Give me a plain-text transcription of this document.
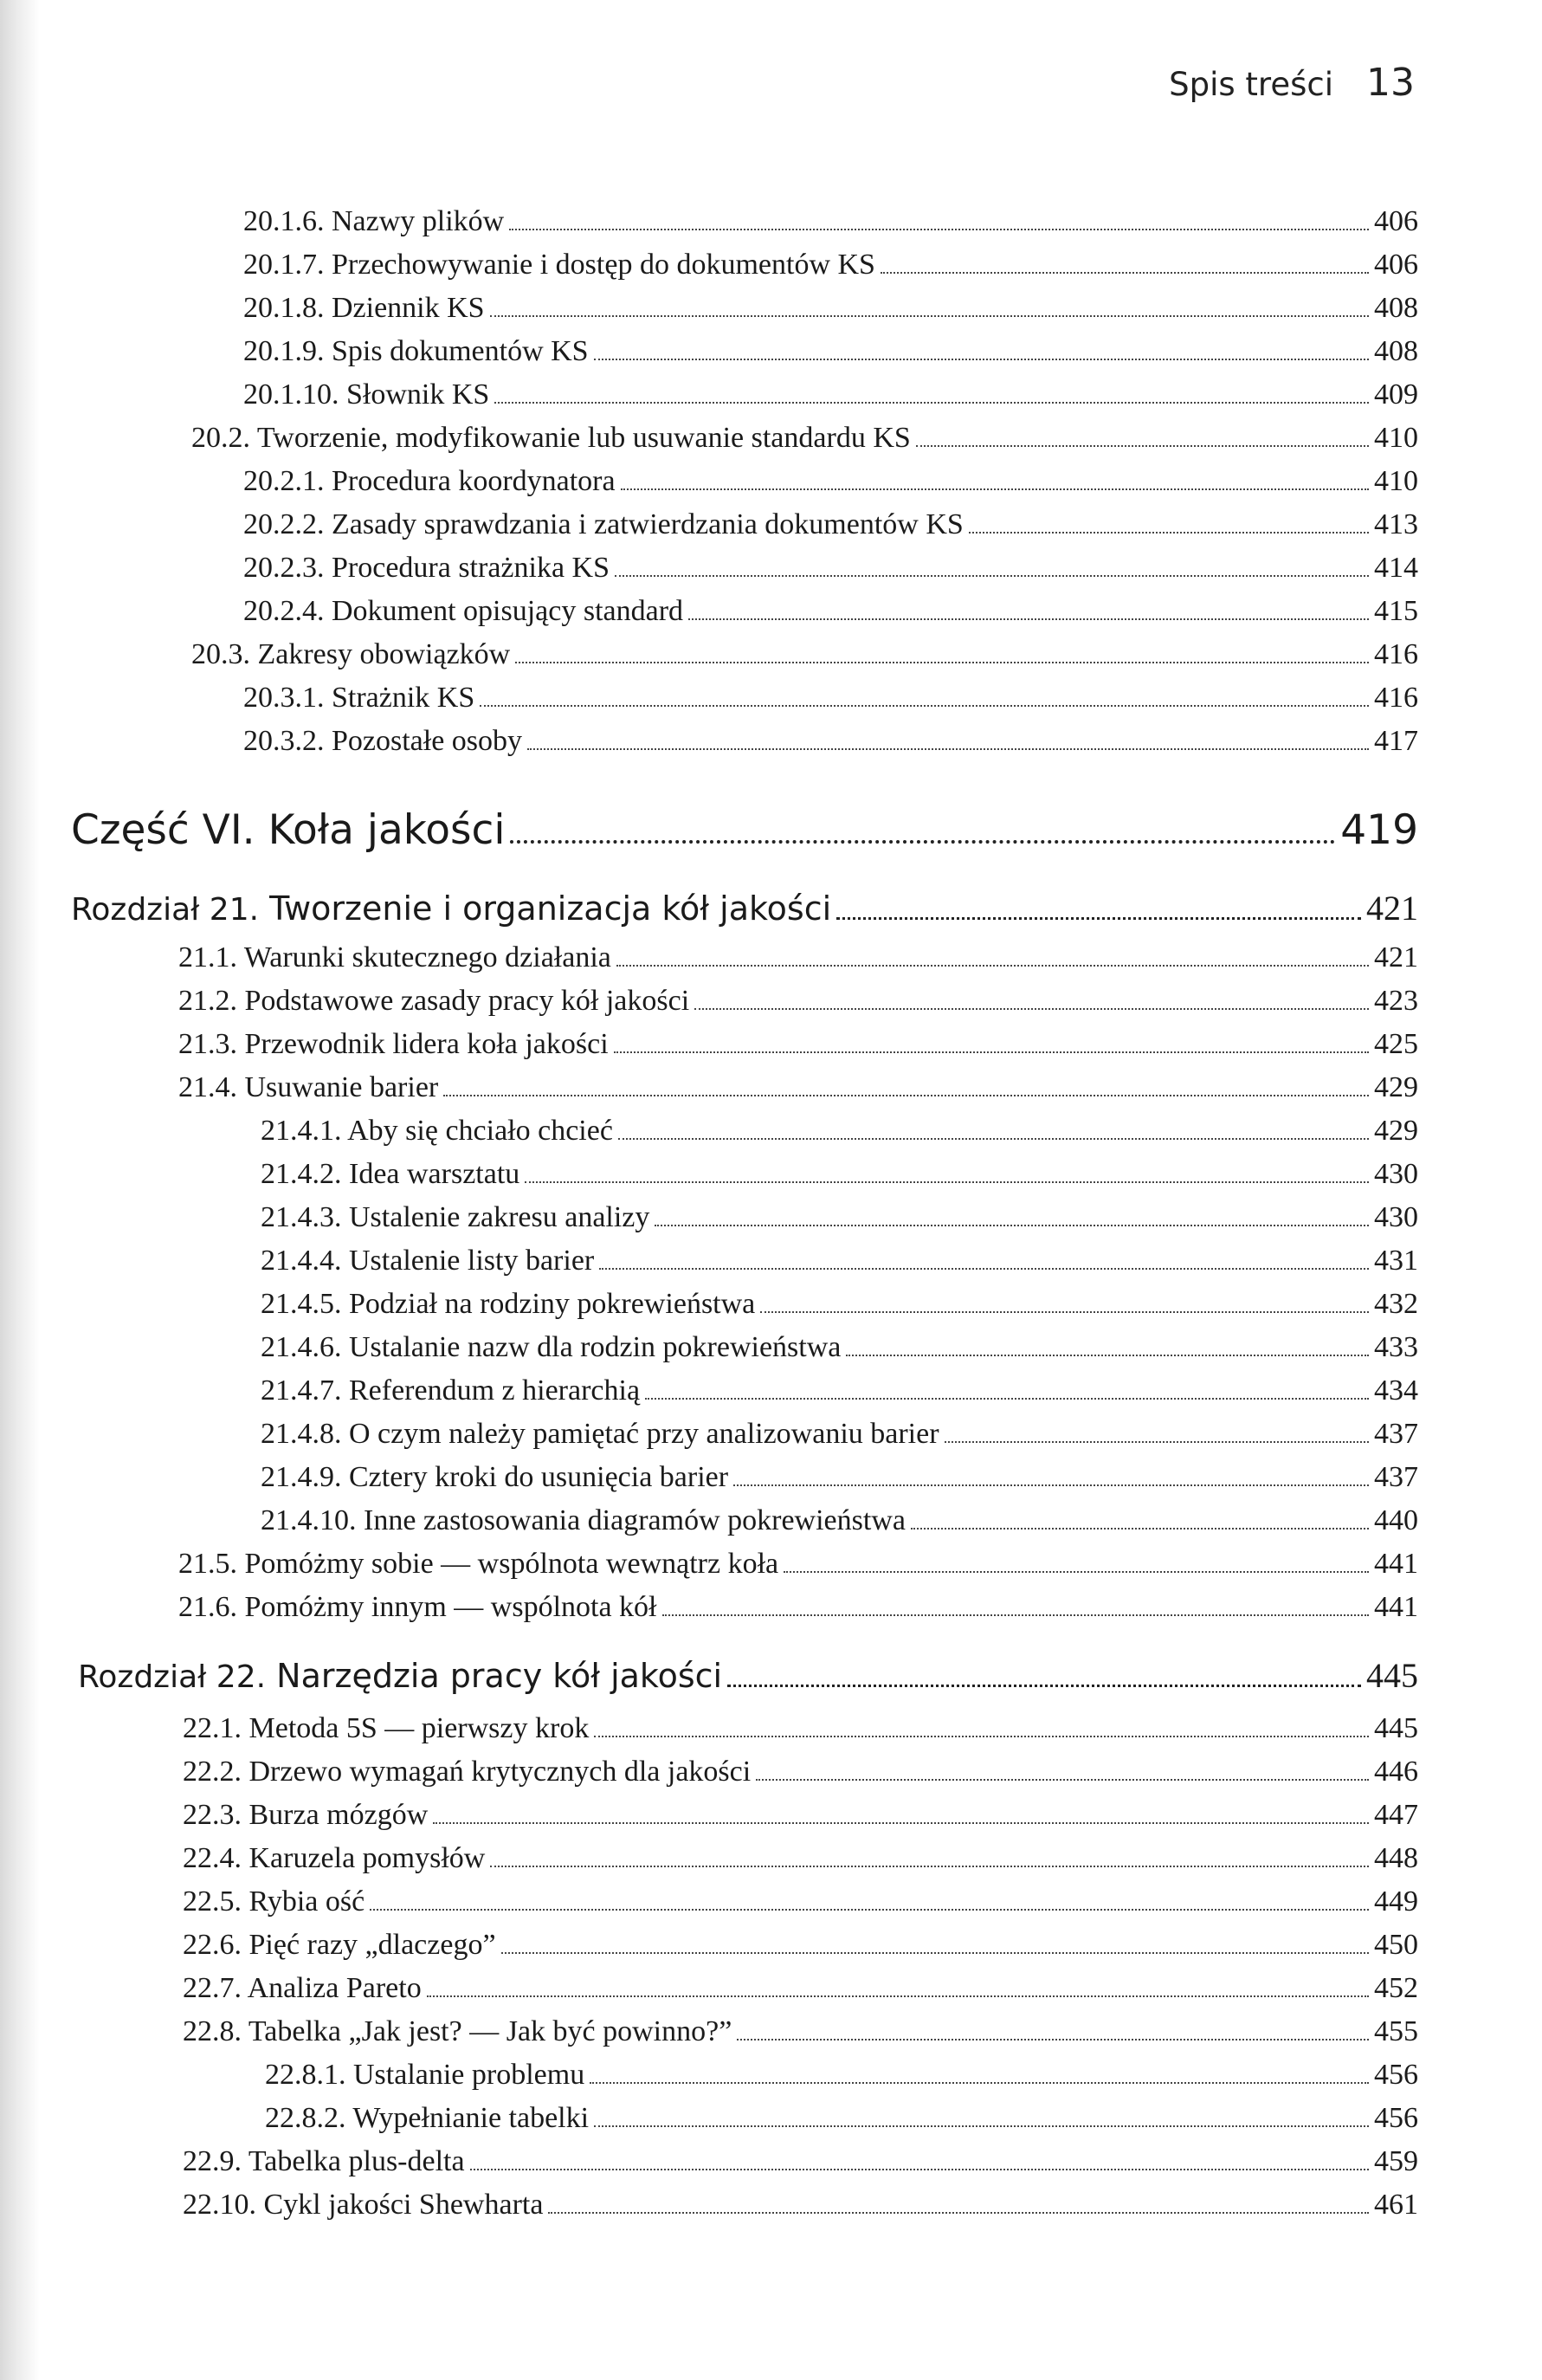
Spis treści 13
20.1.6. Nazwy plików	406
20.1.7. Przechowywanie i dostęp do dokumentów KS	406
20.1.8. Dziennik KS	408
20.1.9. Spis dokumentów KS	408
20.1.10. Słownik KS	409
20.2. Tworzenie, modyfikowanie lub usuwanie standardu KS	410
20.2.1. Procedura koordynatora	410
20.2.2. Zasady sprawdzania i zatwierdzania dokumentów KS	413
20.2.3. Procedura strażnika KS	414
20.2.4. Dokument opisujący standard	415
20.3. Zakresy obowiązków	416
20.3.1. Strażnik KS	416
20.3.2. Pozostałe osoby	417
Część VI. Koła jakości	419
Rozdział 21. Tworzenie i organizacja kół jakości	421
21.1. Warunki skutecznego działania	421
21.2. Podstawowe zasady pracy kół jakości	423
21.3. Przewodnik lidera koła jakości	425
21.4. Usuwanie barier	429
21.4.1. Aby się chciało chcieć	429
21.4.2. Idea warsztatu	430
21.4.3. Ustalenie zakresu analizy	430
21.4.4. Ustalenie listy barier	431
21.4.5. Podział na rodziny pokrewieństwa	432
21.4.6. Ustalanie nazw dla rodzin pokrewieństwa	433
21.4.7. Referendum z hierarchią	434
21.4.8. O czym należy pamiętać przy analizowaniu barier	437
21.4.9. Cztery kroki do usunięcia barier	437
21.4.10. Inne zastosowania diagramów pokrewieństwa	440
21.5. Pomóżmy sobie — wspólnota wewnątrz koła	441
21.6. Pomóżmy innym — wspólnota kół	441
Rozdział 22. Narzędzia pracy kół jakości	445
22.1. Metoda 5S — pierwszy krok	445
22.2. Drzewo wymagań krytycznych dla jakości	446
22.3. Burza mózgów	447
22.4. Karuzela pomysłów	448
22.5. Rybia ość	449
22.6. Pięć razy „dlaczego”	450
22.7. Analiza Pareto	452
22.8. Tabelka „Jak jest? — Jak być powinno?”	455
22.8.1. Ustalanie problemu	456
22.8.2. Wypełnianie tabelki	456
22.9. Tabelka plus-delta	459
22.10. Cykl jakości Shewharta	461
